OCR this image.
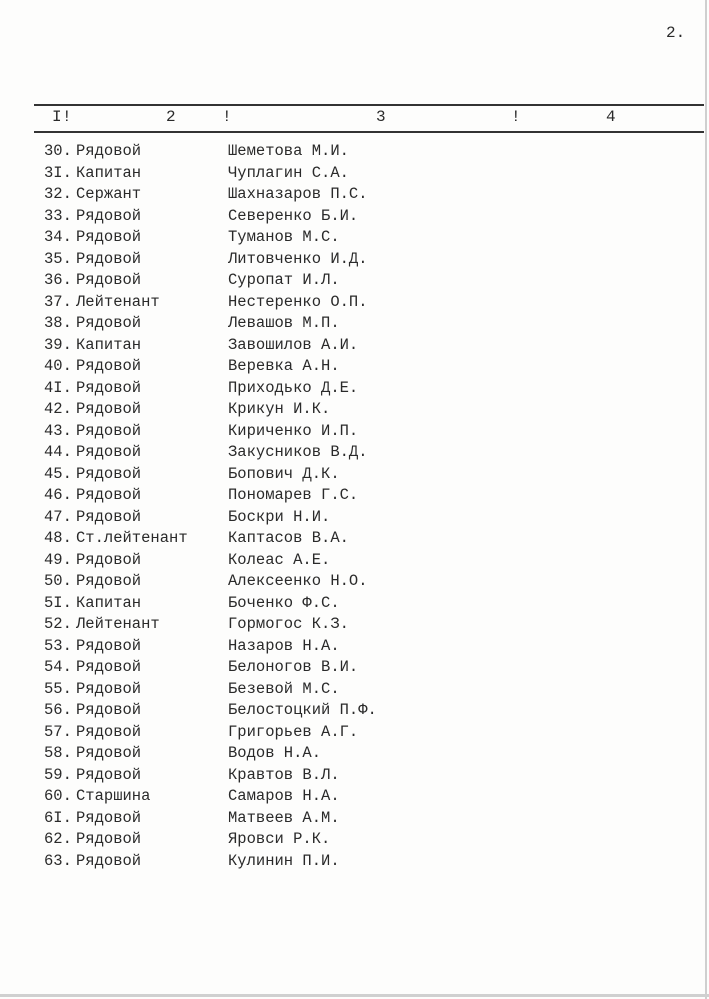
2.
I !	2	!	3	!	4
30. Рядовой	Шеметова М.И.
3I. Капитан	Чуплагин С.А.
32. Сержант	Шахназаров П.С.
33. Рядовой	Северенко Б.И.
34. Рядовой	Туманов М.С.
35. Рядовой	Литовченко И.Д.
36. Рядовой	Суропат И.Л.
37. Лейтенант	Нестеренко О.П.
38. Рядовой	Левашов М.П.
39. Капитан	Завошилов А.И.
40. Рядовой	Веревка А.Н.
4I. Рядовой	Приходько Д.Е.
42. Рядовой	Крикун И.К.
43. Рядовой	Кириченко И.П.
44. Рядовой	Закусников В.Д.
45. Рядовой	Бопович Д.К.
46. Рядовой	Пономарев Г.С.
47. Рядовой	Боскри Н.И.
48. Ст.лейтенант	Каптасов В.А.
49. Рядовой	Колеас А.Е.
50. Рядовой	Алексеенко Н.О.
5I. Капитан	Боченко Ф.С.
52. Лейтенант	Гормогос К.З.
53. Рядовой	Назаров Н.А.
54. Рядовой	Белоногов В.И.
55. Рядовой	Безевой М.С.
56. Рядовой	Белостоцкий П.Ф.
57. Рядовой	Григорьев А.Г.
58. Рядовой	Водов Н.А.
59. Рядовой	Кравтов В.Л.
60. Старшина	Самаров Н.А.
6I. Рядовой	Матвеев А.М.
62. Рядовой	Яровси Р.К.
63. Рядовой	Кулинин П.И.
